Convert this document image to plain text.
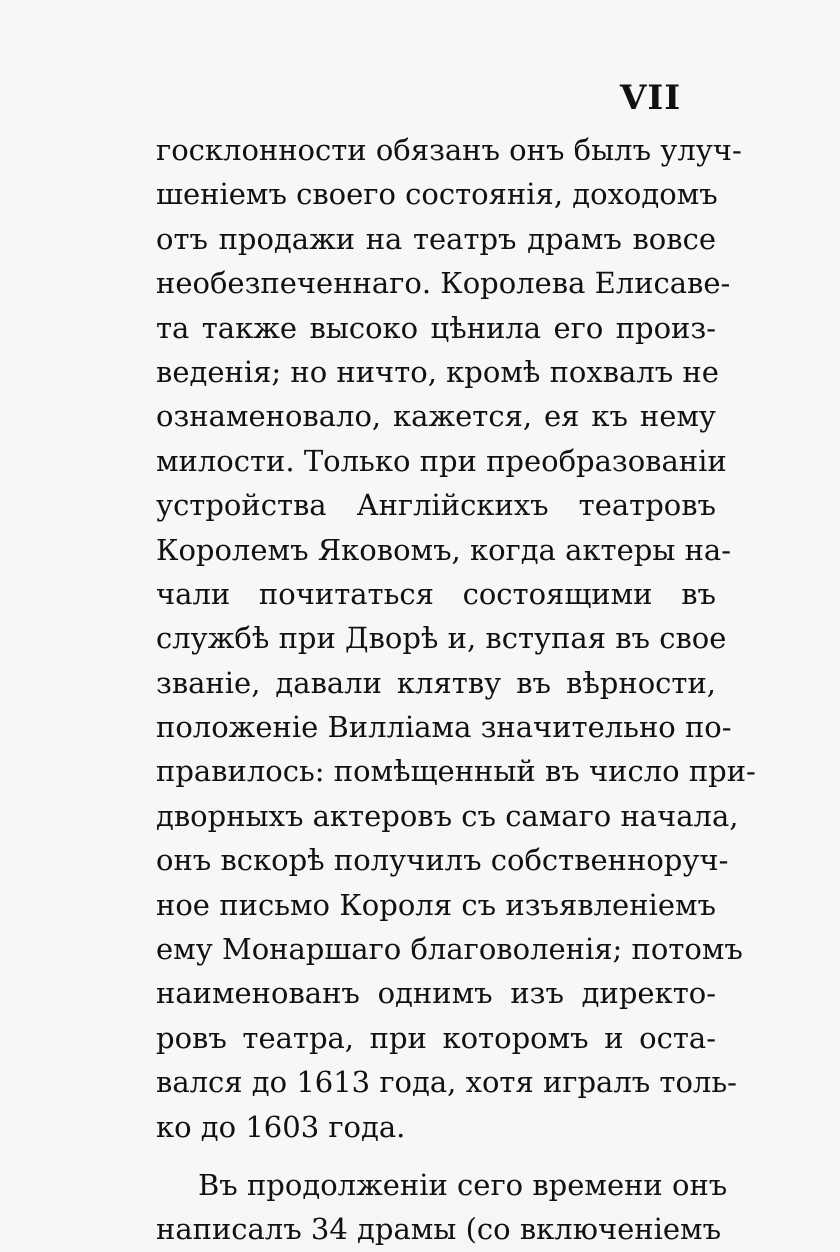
VII
госклонности обязанъ онъ былъ улуч-
шеніемъ своего состоянія, доходомъ
отъ продажи на театръ драмъ вовсе
необезпеченнаго. Королева Елисаве-
та также высоко цѣнила его произ-
веденія; но ничто, кромѣ похвалъ не
ознаменовало, кажется, ея къ нему
милости. Только при преобразованіи
устройства Англійскихъ театровъ
Королемъ Яковомъ, когда актеры на-
чали почитаться состоящими въ
службѣ при Дворѣ и, вступая въ свое
званіе, давали клятву въ вѣрности,
положеніе Вилліама значительно по-
правилось: помѣщенный въ число при-
дворныхъ актеровъ съ самаго начала,
онъ вскорѣ получилъ собственноруч-
ное письмо Короля съ изъявленіемъ
ему Монаршаго благоволенія; потомъ
наименованъ однимъ изъ директо-
ровъ театра, при которомъ и оста-
вался до 1613 года, хотя игралъ толь-
ко до 1603 года.
Въ продолженіи сего времени онъ
написалъ 34 драмы (со включеніемъ
